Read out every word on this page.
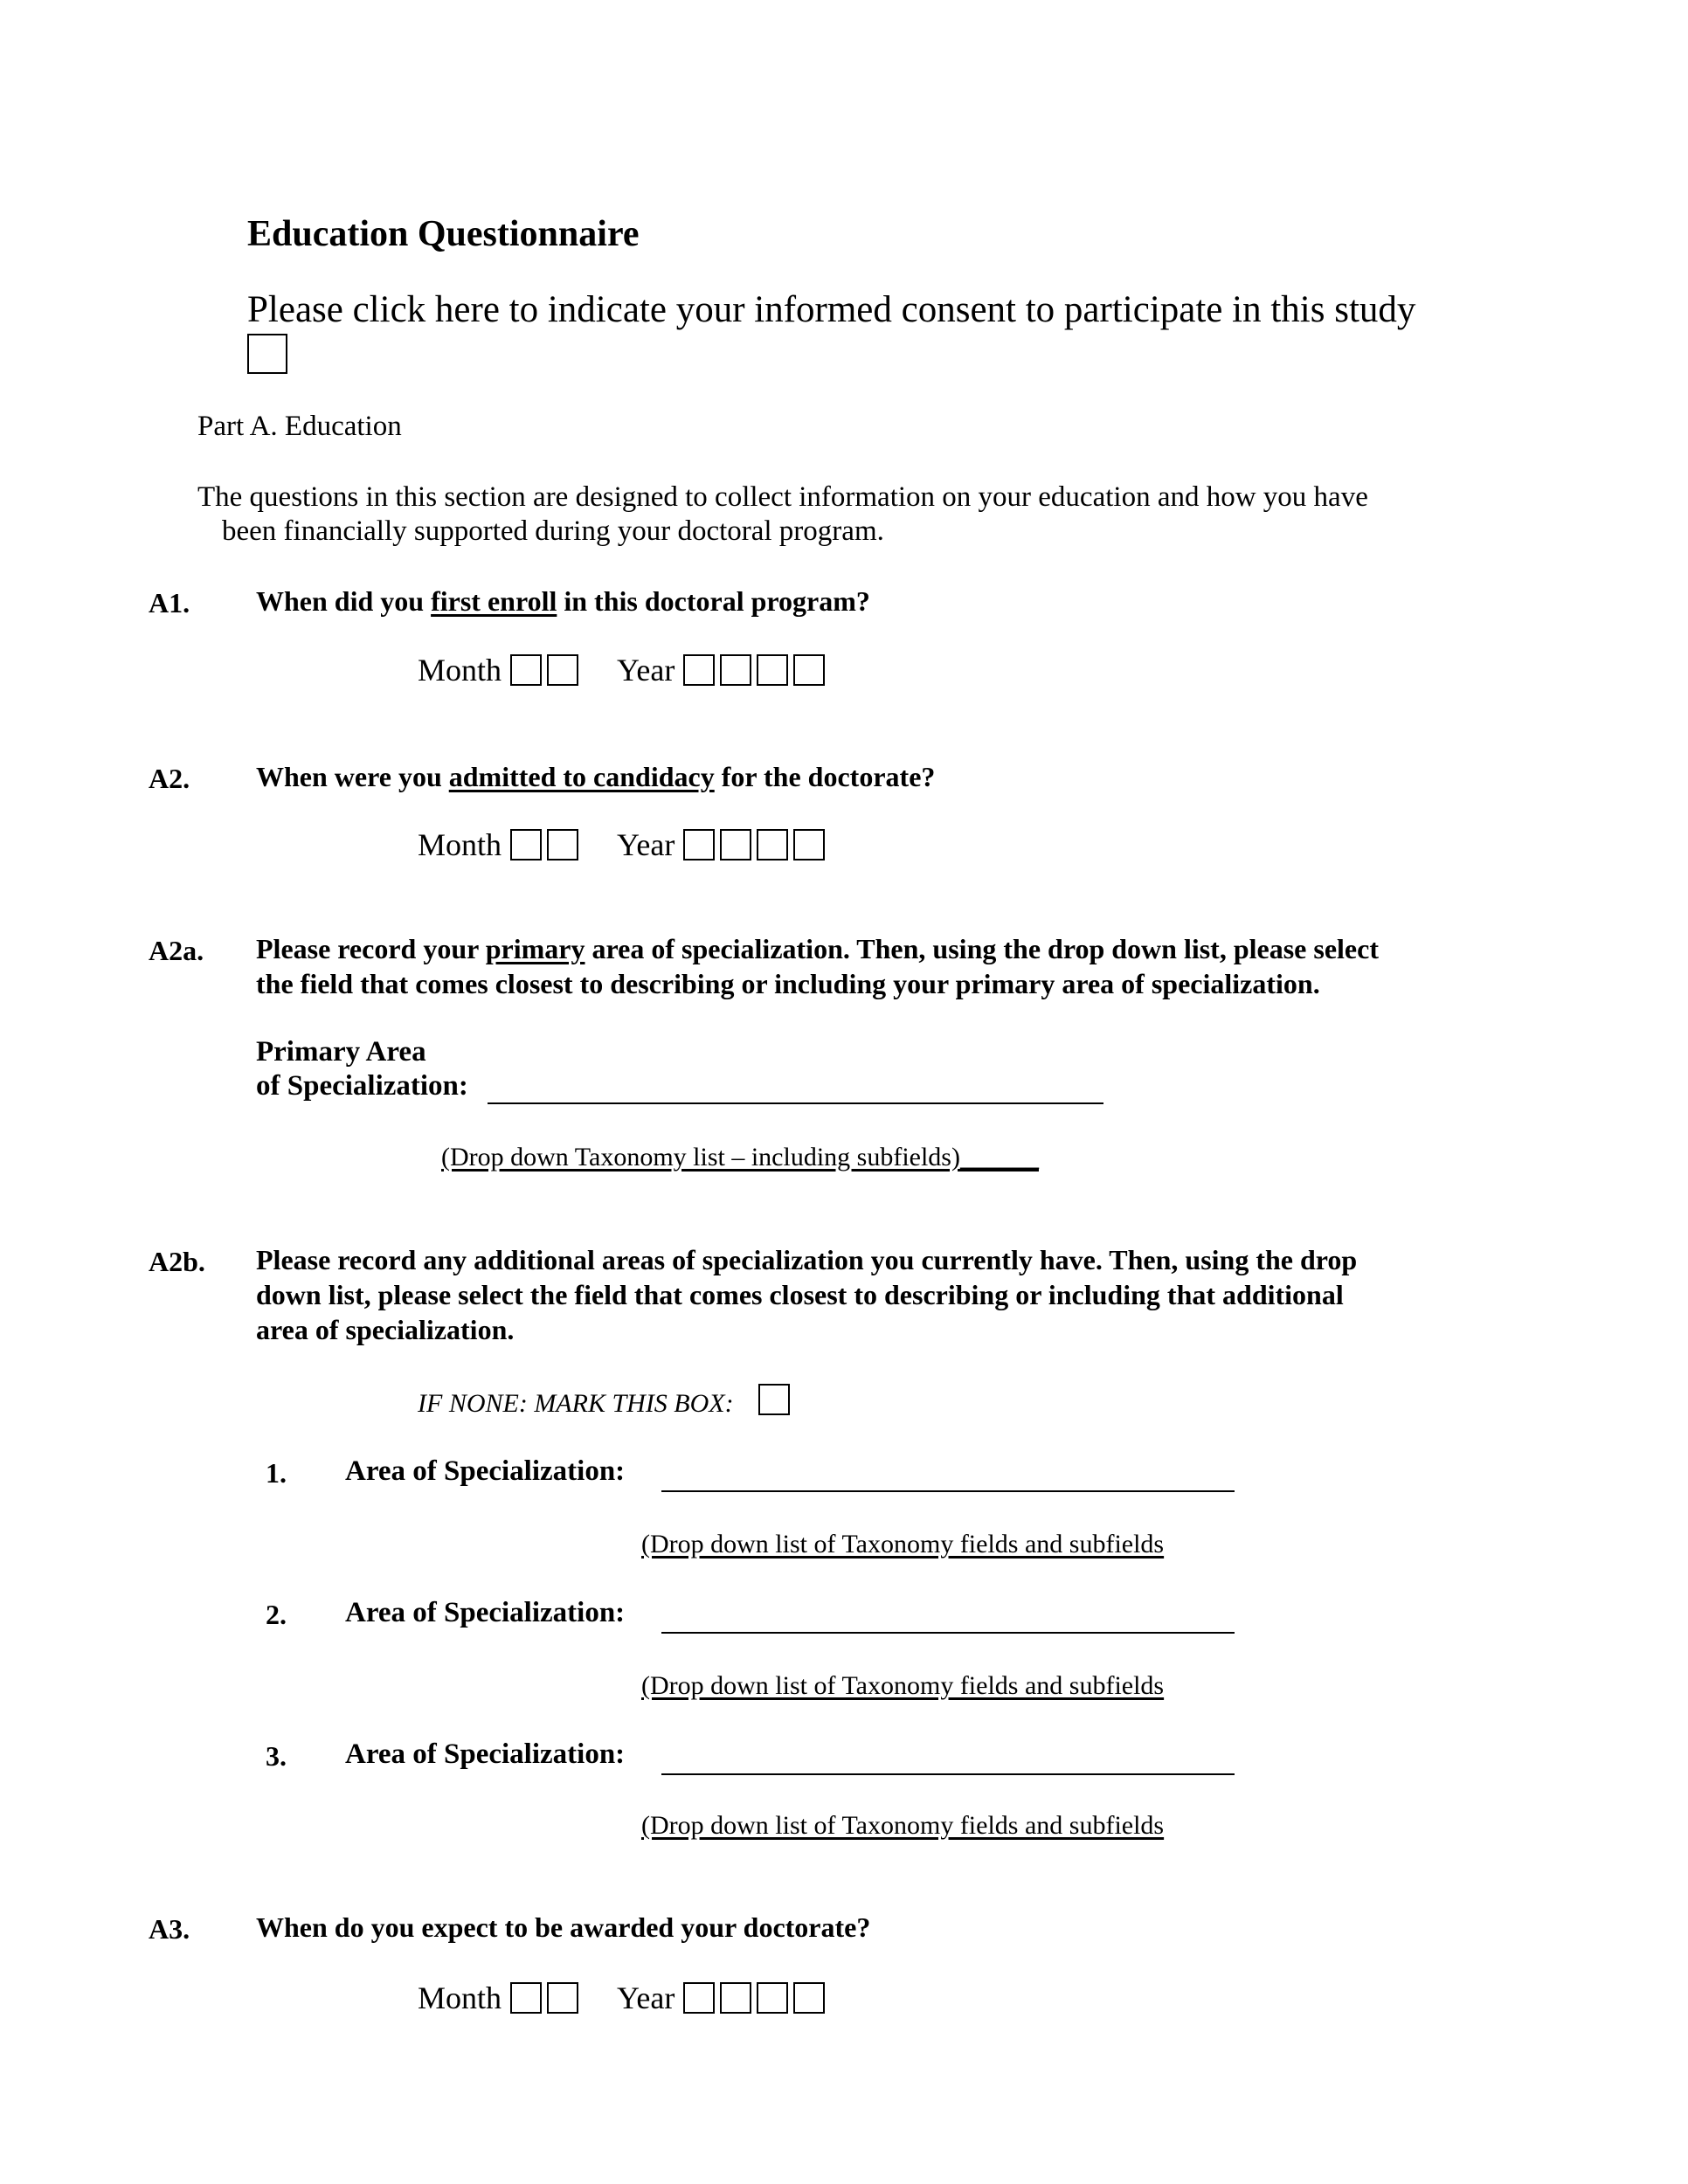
Education Questionnaire
Please click here to indicate your informed consent to participate in this study
Part A. Education
The questions in this section are designed to collect information on your education and how you have
been financially supported during your doctoral program.
A1. When did you first enroll in this doctoral program?
Month	Year
A2. When were you admitted to candidacy for the doctorate?
Month	Year
A2a. Please record your primary area of specialization. Then, using the drop down list, please select
the field that comes closest to describing or including your primary area of specialization.
Primary Area
of Specialization:
(Drop down Taxonomy list – including subfields)______
A2b. Please record any additional areas of specialization you currently have. Then, using the drop
down list, please select the field that comes closest to describing or including that additional
area of specialization.
IF NONE: MARK THIS BOX:
1. Area of Specialization:
(Drop down list of Taxonomy fields and subfields
2. Area of Specialization:
(Drop down list of Taxonomy fields and subfields
3. Area of Specialization:
(Drop down list of Taxonomy fields and subfields
A3. When do you expect to be awarded your doctorate?
Month	Year
